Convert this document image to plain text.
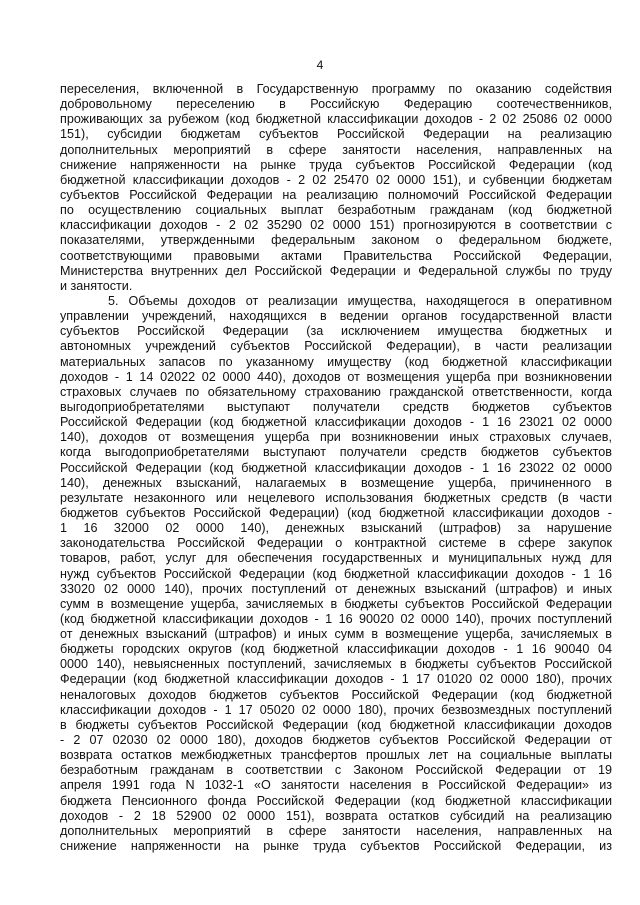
4
переселения, включенной в Государственную программу по оказанию содействия
добровольному переселению в Российскую Федерацию соотечественников,
проживающих за рубежом (код бюджетной классификации доходов - 2 02 25086 02 0000
151), субсидии бюджетам субъектов Российской Федерации на реализацию
дополнительных мероприятий в сфере занятости населения, направленных на
снижение напряженности на рынке труда субъектов Российской Федерации (код
бюджетной классификации доходов - 2 02 25470 02 0000 151), и субвенции бюджетам
субъектов Российской Федерации на реализацию полномочий Российской Федерации
по осуществлению социальных выплат безработным гражданам (код бюджетной
классификации доходов - 2 02 35290 02 0000 151) прогнозируются в соответствии с
показателями, утвержденными федеральным законом о федеральном бюджете,
соответствующими правовыми актами Правительства Российской Федерации,
Министерства внутренних дел Российской Федерации и Федеральной службы по труду
и занятости.
5. Объемы доходов от реализации имущества, находящегося в оперативном
управлении учреждений, находящихся в ведении органов государственной власти
субъектов Российской Федерации (за исключением имущества бюджетных и
автономных учреждений субъектов Российской Федерации), в части реализации
материальных запасов по указанному имуществу (код бюджетной классификации
доходов - 1 14 02022 02 0000 440), доходов от возмещения ущерба при возникновении
страховых случаев по обязательному страхованию гражданской ответственности, когда
выгодоприобретателями выступают получатели средств бюджетов субъектов
Российской Федерации (код бюджетной классификации доходов - 1 16 23021 02 0000
140), доходов от возмещения ущерба при возникновении иных страховых случаев,
когда выгодоприобретателями выступают получатели средств бюджетов субъектов
Российской Федерации (код бюджетной классификации доходов - 1 16 23022 02 0000
140), денежных взысканий, налагаемых в возмещение ущерба, причиненного в
результате незаконного или нецелевого использования бюджетных средств (в части
бюджетов субъектов Российской Федерации) (код бюджетной классификации доходов -
1 16 32000 02 0000 140), денежных взысканий (штрафов) за нарушение
законодательства Российской Федерации о контрактной системе в сфере закупок
товаров, работ, услуг для обеспечения государственных и муниципальных нужд для
нужд субъектов Российской Федерации (код бюджетной классификации доходов - 1 16
33020 02 0000 140), прочих поступлений от денежных взысканий (штрафов) и иных
сумм в возмещение ущерба, зачисляемых в бюджеты субъектов Российской Федерации
(код бюджетной классификации доходов - 1 16 90020 02 0000 140), прочих поступлений
от денежных взысканий (штрафов) и иных сумм в возмещение ущерба, зачисляемых в
бюджеты городских округов (код бюджетной классификации доходов - 1 16 90040 04
0000 140), невыясненных поступлений, зачисляемых в бюджеты субъектов Российской
Федерации (код бюджетной классификации доходов - 1 17 01020 02 0000 180), прочих
неналоговых доходов бюджетов субъектов Российской Федерации (код бюджетной
классификации доходов - 1 17 05020 02 0000 180), прочих безвозмездных поступлений
в бюджеты субъектов Российской Федерации (код бюджетной классификации доходов
- 2 07 02030 02 0000 180), доходов бюджетов субъектов Российской Федерации от
возврата остатков межбюджетных трансфертов прошлых лет на социальные выплаты
безработным гражданам в соответствии с Законом Российской Федерации от 19
апреля 1991 года N 1032-1 «О занятости населения в Российской Федерации» из
бюджета Пенсионного фонда Российской Федерации (код бюджетной классификации
доходов - 2 18 52900 02 0000 151), возврата остатков субсидий на реализацию
дополнительных мероприятий в сфере занятости населения, направленных на
снижение напряженности на рынке труда субъектов Российской Федерации, из
